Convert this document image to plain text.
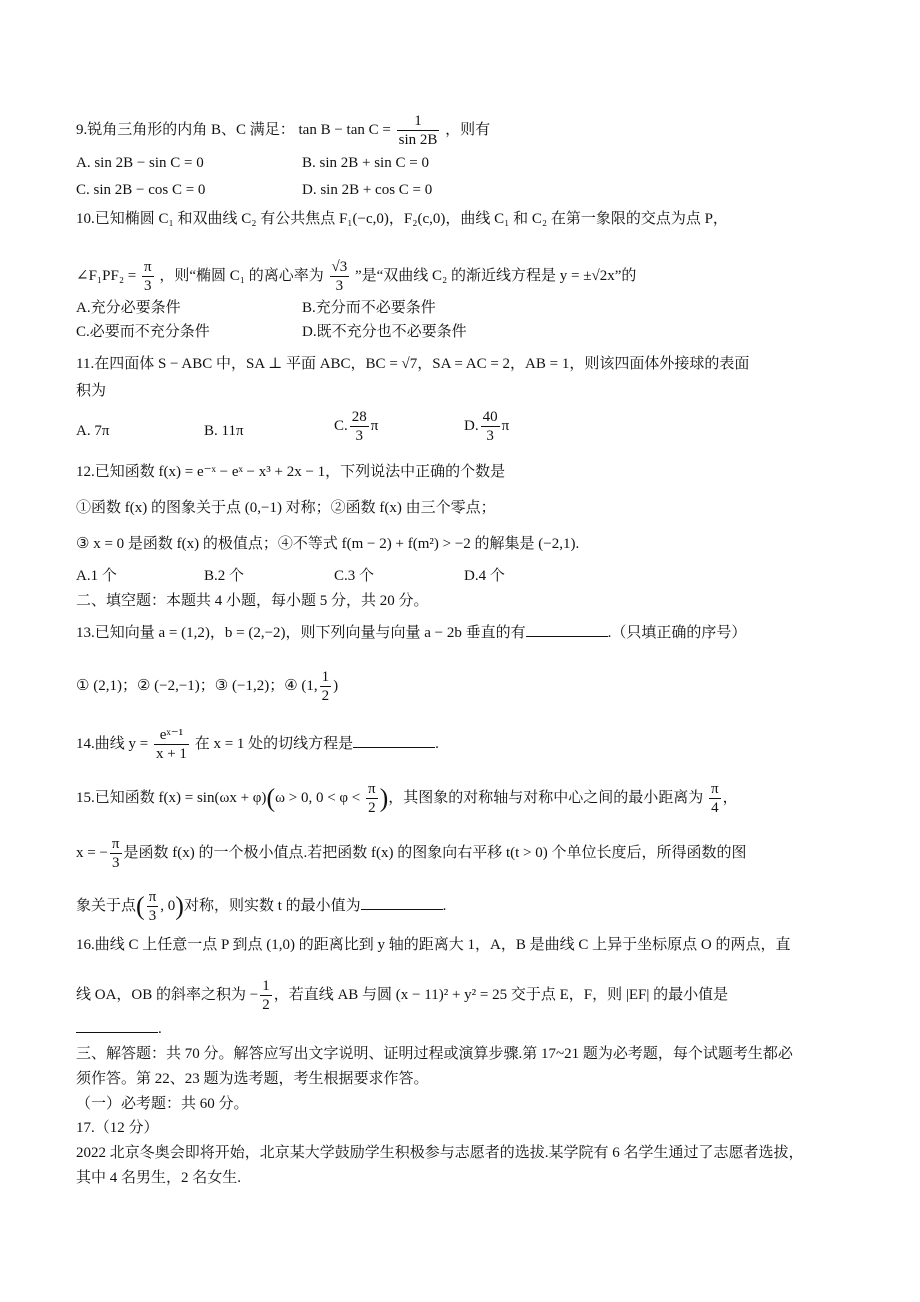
9.锐角三角形的内角 B、C 满足： $\tan B - \tan C = \frac{1}{\sin 2B}$ ，则有
A. sin 2B − sin C = 0	B. sin 2B + sin C = 0
C. sin 2B − cos C = 0	D. sin 2B + cos C = 0
10.已知椭圆 C₁ 和双曲线 C₂ 有公共焦点 F₁(−c,0)，F₂(c,0)，曲线 C₁ 和 C₂ 在第一象限的交点为点 P，
∠F₁PF₂ = $\frac{\pi}{3}$ ，则“椭圆 C₁ 的离心率为 $\frac{√3}{3}$ ”是“双曲线 C₂ 的渐近线方程是 y = ±√2x”的
A.充分必要条件	B.充分而不必要条件
C.必要而不充分条件	D.既不充分也不必要条件
11.在四面体 S − ABC 中，SA ⊥ 平面 ABC，BC = √7，SA = AC = 2，AB = 1，则该四面体外接球的表面
积为
A. 7π	B. 11π	C. $\frac{28}{3}$ π	D. $\frac{40}{3}$ π
12.已知函数 f(x) = e⁻ˣ − eˣ − x³ + 2x − 1，下列说法中正确的个数是
①函数 f(x) 的图象关于点 (0,−1) 对称；②函数 f(x) 由三个零点；
③ x = 0 是函数 f(x) 的极值点；④不等式 f(m − 2) + f(m²) > −2 的解集是 (−2,1).
A.1 个	B.2 个	C.3 个	D.4 个
二、填空题：本题共 4 小题，每小题 5 分，共 20 分。
13.已知向量 a = (1,2)，b = (2,−2)，则下列向量与向量 a − 2b 垂直的有	.（只填正确的序号）
① (2,1)；② (−2,−1)；③ (−1,2)；④ (1, $\frac{1}{2}$ )
14.曲线 $y = \frac{\text{eˣ⁻¹}}{x + 1}$ 在 x = 1 处的切线方程是	.
15.已知函数 f(x) = sin(ωx + φ)(ω > 0, $0 < \varphi < \frac{\pi}{2}$ )，其图象的对称轴与对称中心之间的最小距离为 $\frac{\pi}{4}$ ，
x = − $\frac{\pi}{3}$ 是函数 f(x) 的一个极小值点.若把函数 f(x) 的图象向右平移 t(t > 0) 个单位长度后，所得函数的图
象关于点( $\frac{\pi}{3}$ , 0)对称，则实数 t 的最小值为	.
16.曲线 C 上任意一点 P 到点 (1,0) 的距离比到 y 轴的距离大 1，A，B 是曲线 C 上异于坐标原点 O 的两点，直
线 OA，OB 的斜率之积为 − $\frac{1}{2}$ ，若直线 AB 与圆 (x − 11)² + y² = 25 交于点 E，F，则 |EF| 的最小值是
.
三、解答题：共 70 分。解答应写出文字说明、证明过程或演算步骤.第 17~21 题为必考题，每个试题考生都必
须作答。第 22、23 题为选考题，考生根据要求作答。
（一）必考题：共 60 分。
17.（12 分）
2022 北京冬奥会即将开始，北京某大学鼓励学生积极参与志愿者的选拔.某学院有 6 名学生通过了志愿者选拔，
其中 4 名男生，2 名女生.
